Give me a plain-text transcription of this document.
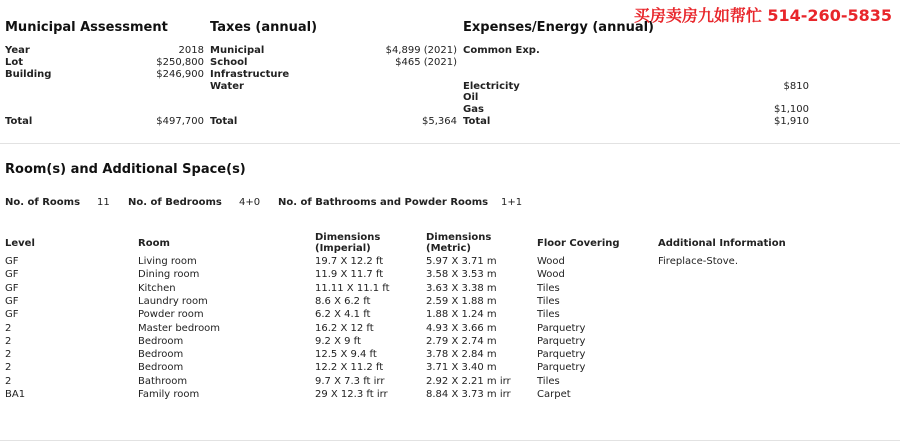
买房卖房九如帮忙 514-260-5835
Municipal Assessment	Taxes (annual)	Expenses/Energy (annual)
Year	2018
Lot	$250,800
Building	$246,900
Total	$497,700
Municipal	$4,899 (2021)
School	$465 (2021)
Infrastructure
Water
Total	$5,364
Common Exp.
Electricity	$810
Oil
Gas	$1,100
Total	$1,910
Room(s) and Additional Space(s)
No. of Rooms 11 No. of Bedrooms 4+0 No. of Bathrooms and Powder Rooms 1+1
Level	Room
Dimensions
(Imperial)
Dimensions
(Metric)	Floor Covering	Additional Information
GF	Living room	19.7 X 12.2 ft	5.97 X 3.71 m	Wood	Fireplace-Stove.
GF	Dining room	11.9 X 11.7 ft	3.58 X 3.53 m	Wood
GF	Kitchen	11.11 X 11.1 ft	3.63 X 3.38 m	Tiles
GF	Laundry room	8.6 X 6.2 ft	2.59 X 1.88 m	Tiles
GF	Powder room	6.2 X 4.1 ft	1.88 X 1.24 m	Tiles
2	Master bedroom	16.2 X 12 ft	4.93 X 3.66 m	Parquetry
2	Bedroom	9.2 X 9 ft	2.79 X 2.74 m	Parquetry
2	Bedroom	12.5 X 9.4 ft	3.78 X 2.84 m	Parquetry
2	Bedroom	12.2 X 11.2 ft	3.71 X 3.40 m	Parquetry
2	Bathroom	9.7 X 7.3 ft irr	2.92 X 2.21 m irr	Tiles
BA1	Family room	29 X 12.3 ft irr	8.84 X 3.73 m irr	Carpet
